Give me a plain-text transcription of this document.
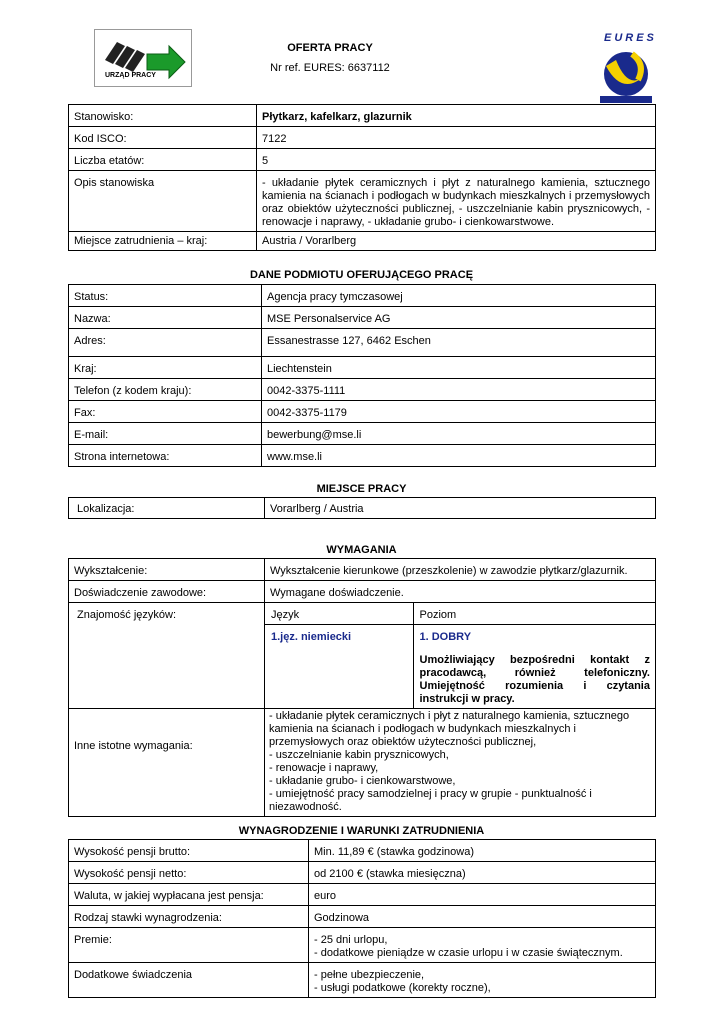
URZĄD PRACY
OFERTA PRACY
Nr ref. EURES: 6637112
EURES
Stanowisko:	Płytkarz, kafelkarz, glazurnik
Kod ISCO:	7122
Liczba etatów:	5
Opis stanowiska	- układanie płytek ceramicznych i płyt z naturalnego kamienia, sztucznego kamienia na ścianach i podłogach w budynkach mieszkalnych i przemysłowych oraz obiektów użyteczności publicznej, - uszczelnianie kabin prysznicowych, - renowacje i naprawy, - układanie grubo- i cienkowarstwowe.
Miejsce zatrudnienia – kraj:	Austria / Vorarlberg
DANE PODMIOTU OFERUJĄCEGO PRACĘ
Status:	Agencja pracy tymczasowej
Nazwa:	MSE Personalservice AG
Adres:	Essanestrasse 127, 6462 Eschen
Kraj:	Liechtenstein
Telefon (z kodem kraju):	0042-3375-1111
Fax:	0042-3375-1179
E-mail:	bewerbung@mse.li
Strona internetowa:	www.mse.li
MIEJSCE PRACY
Lokalizacja:	Vorarlberg / Austria
WYMAGANIA
Wykształcenie:	Wykształcenie kierunkowe (przeszkolenie) w zawodzie płytkarz/glazurnik.
Doświadczenie zawodowe:	Wymagane doświadczenie.
Znajomość języków:		Język	Poziom
1.jęz. niemiecki	1. DOBRY
Umożliwiający bezpośredni kontakt z pracodawcą, również telefoniczny. Umiejętność rozumienia i czytania instrukcji w pracy.

Inne istotne wymagania:	
- układanie płytek ceramicznych i płyt z naturalnego kamienia, sztucznego
kamienia na ścianach i podłogach w budynkach mieszkalnych i
przemysłowych oraz obiektów użyteczności publicznej,
- uszczelnianie kabin prysznicowych,
- renowacje i naprawy,
- układanie grubo- i cienkowarstwowe,
- umiejętność pracy samodzielnej i pracy w grupie - punktualność i
niezawodność.
WYNAGRODZENIE I WARUNKI ZATRUDNIENIA
Wysokość pensji brutto:	Min. 11,89 € (stawka godzinowa)
Wysokość pensji netto:	od 2100 € (stawka miesięczna)
Waluta, w jakiej wypłacana jest pensja:	euro
Rodzaj stawki wynagrodzenia:	Godzinowa
Premie:	- 25 dni urlopu,
- dodatkowe pieniądze w czasie urlopu i w czasie świątecznym.

Dodatkowe świadczenia	- pełne ubezpieczenie,
- usługi podatkowe (korekty roczne),
